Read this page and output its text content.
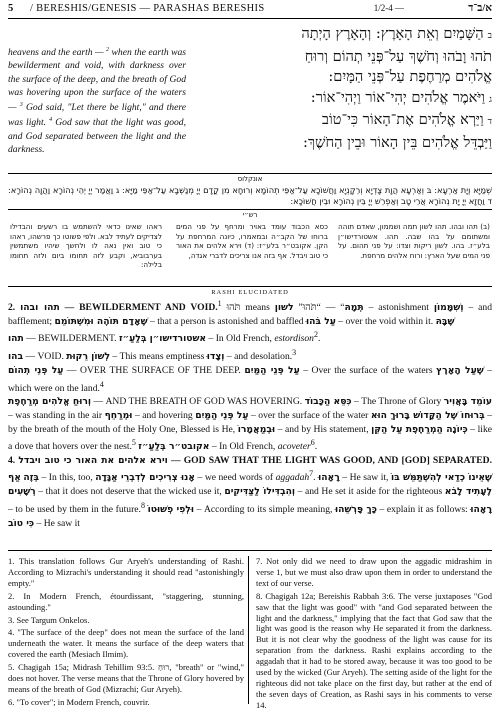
5 / BERESHIS/GENESIS — PARASHAS BERESHIS	1/2-4 —	א/ב־ד
heavens and the earth — $^2$ when the earth was bewilderment and void, with darkness over the surface of the deep, and the breath of God was hovering upon the surface of the waters — $^3$ God said, "Let there be light," and there was light. $^4$ God saw that the light was good, and God separated between the light and the darkness.
בהַשָּׁמַיִם וְאֵת הָאָרֶץ: וְהָאָרֶץ הָיְתָה
תֹהוּ וָבֹהוּ וְחֹשֶׁךְ עַל־פְּנֵי תְהוֹם וְרוּחַ
אֱלֹהִים מְרַחֶפֶת עַל־פְּנֵי הַמָּיִם:
גוַיֹּאמֶר אֱלֹהִים יְהִי־אוֹר וַיְהִי־אוֹר:
דוַיַּרְא אֱלֹהִים אֶת־הָאוֹר כִּי־טוֹב
וַיַּבְדֵּל אֱלֹהִים בֵּין הָאוֹר וּבֵין הַחֹשֶׁךְ:
אונקלוס
שְׁמַיָּא וְיָת אַרְעָא: בּ וְאַרְעָא הֲוָת צָדְיָא וְרֵקָנְיָא וַחֲשׁוֹכָא עַל־אַפֵּי תְהוֹמָא וְרוּחָא מִן קֳדָם יְיָ מְנַשְּׁבָא עַל־אַפֵּי מַיָּא: ג וַאֲמַר יְיָ יְהֵי נְהוֹרָא וַהֲוָה נְהוֹרָא: ד וַחֲזָא יְיָ יָת נְהוֹרָא אֲרֵי טָב וְאַפְרֵשׁ יְיָ בֵּין נְהוֹרָא וּבֵין חֲשׁוֹכָא:
רש״י
(ב) תהו ובהו. תהו לשון תמה ושממון, שאדם תוהה ומשתומם על בהו שבה. תהו. אשטורדישו״ן בלע״ז. בהו. לשון ריקות וצדו: על פני תהום. על פני המים שעל הארץ: ורוח אלהים מרחפת.
כסא הכבוד עומד באויר ומרחף על פני המים ברוחו של הקב״ה ובמאמרו, כיונה המרחפת על הקן. אקובט״ר בלע״ז: (ד) וירא אלהים את האור כי טוב ויבדל. אף בזה אנו צריכים לדברי אגדה,
ראהו שאינו כדאי להשתמש בו רשעים והבדילו לצדיקים לעתיד לבא. ולפי פשוטו כך פרשהו, ראהו כי טוב ואין נאה לו ולחשך שיהיו משתמשין בערבוביא, וקבע לזה תחומו ביום ולזה תחומו בלילה:
RASHI ELUCIDATED

2. תהו ובהו — BEWILDERMENT AND VOID.$^1$ תֹּהוּ means לשון ”תֹּהוּ“ — “תְּמָהּ – astonishment וְשִׁמָּמוֹן – and bafflement; שֶׁאָדָם תּוֹהֶה וּמִשְׁתּוֹמֵם – that a person is astonished and baffled עַל בֹּהוּ – over the void within it. שֶׁבָּהּ

תהו — BEWILDERMENT. אשטורדישו״ן בְּלַעַ״ז – In Old French, estordison$^2$.

בהו — VOID. לְשׁוֹן רֵקוּת – This means emptiness וְצָדוּ – and desolation.$^3$

עַל פְּנֵי תְהוֹם — OVER THE SURFACE OF THE DEEP. עַל פְּנֵי הַמַּיִם – Over the surface of the waters שֶׁעַל הָאָרֶץ – which were on the land.$^4$

וְרוּחַ אֱלֹהִים מְרַחֶפֶת — AND THE BREATH OF GOD WAS HOVERING. כִּסֵּא הַכָּבוֹד – The Throne of Glory עוֹמֵד בָּאֲוִיר – was standing in the air וּמְרַחֵף – and hovering עַל פְּנֵי הַמַּיִם – over the surface of the water בְּרוּחוֹ שֶׁל הַקָּדוֹשׁ בָּרוּךְ הוּא – by the breath of the mouth of the Holy One, Blessed is He, וּבְמַאֲמָרוֹ – and by His statement, כְּיוֹנָה הַמְרַחֶפֶת עַל הַקֵּן – like a dove that hovers over the nest.$^5$ אקובט״ר בְּלַעַ״ז – In Old French, acoveter$^6$.

4. וירא אלהים את האור כי טוב ויבדל — GOD SAW THAT THE LIGHT WAS GOOD, AND [GOD] SEPARATED. אַף בְּזֶה – In this, too, אָנוּ צְרִיכִים לְדִבְרֵי אַגָּדָה – we need words of aggadah$^7$. רָאָהוּ – He saw it, שֶׁאֵינוֹ כְדַאי לְהִשְׁתַּמֵּשׁ בּוֹ רְשָׁעִים – that it does not deserve that the wicked use it, וְהִבְדִּילוֹ לַצַּדִּיקִים – and He set it aside for the righteous לֶעָתִיד לָבֹא – to be used by them in the future.$^8$ וּלְפִי פְשׁוּטוֹ – According to its simple meaning, כָּךְ פָּרְשֵׁהוּ – explain it as follows: רָאָהוּ כִּי טוֹב – He saw it

1. This translation follows Gur Aryeh's understanding of Rashi. According to Mizrachi's understanding it should read "astonishingly empty."

2. In Modern French, étourdissant, "staggering, stunning, astounding."

3. See Targum Onkelos.

4. "The surface of the deep" does not mean the surface of the land underneath the water. It means the surface of the deep waters that covered the earth (Mesiach Ilmim).

5. Chagigah 15a; Midrash Tehillim 93:5. רוּחַ, "breath" or "wind," does not hover. The verse means that the Throne of Glory hovered by means of the breath of God (Mizrachi; Gur Aryeh).

6. "To cover"; in Modern French, couvrir.

7. Not only did we need to draw upon the aggadic midrashim in verse 1, but we must also draw upon them in order to understand the text of our verse.

8. Chagigah 12a; Bereishis Rabbah 3:6. The verse juxtaposes "God saw that the light was good" with "and God separated between the light and the darkness," implying that the fact that God saw that the light was good is the reason why He separated it from the darkness. But it is not clear why the goodness of the light was cause for its separation from the darkness. Rashi explains according to the aggadah that it had to be stored away, because it was too good to be used by the wicked (Gur Aryeh). The setting aside of the light for the righteous did not take place on the first day, but rather at the end of the seven days of Creation, as Rashi says in his comments to verse 14.
